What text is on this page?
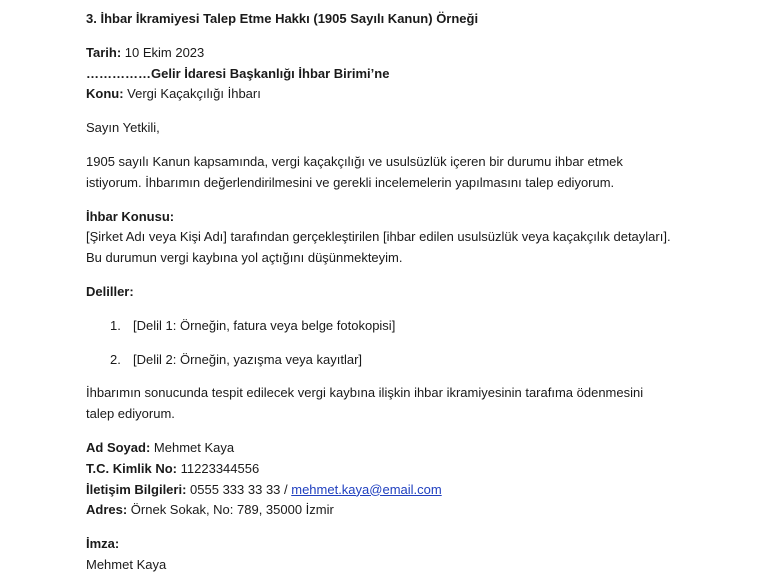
3. İhbar İkramiyesi Talep Etme Hakkı (1905 Sayılı Kanun) Örneği
Tarih: 10 Ekim 2023
……………Gelir İdaresi Başkanlığı İhbar Birimi’ne
Konu: Vergi Kaçakçılığı İhbarı
Sayın Yetkili,
1905 sayılı Kanun kapsamında, vergi kaçakçılığı ve usulsüzlük içeren bir durumu ihbar etmek
istiyorum. İhbarımın değerlendirilmesini ve gerekli incelemelerin yapılmasını talep ediyorum.
İhbar Konusu:
[Şirket Adı veya Kişi Adı] tarafından gerçekleştirilen [ihbar edilen usulsüzlük veya kaçakçılık detayları].
Bu durumun vergi kaybına yol açtığını düşünmekteyim.
Deliller:
1. [Delil 1: Örneğin, fatura veya belge fotokopisi]
2. [Delil 2: Örneğin, yazışma veya kayıtlar]
İhbarımın sonucunda tespit edilecek vergi kaybına ilişkin ihbar ikramiyesinin tarafıma ödenmesini
talep ediyorum.
Ad Soyad: Mehmet Kaya
T.C. Kimlik No: 11223344556
İletişim Bilgileri: 0555 333 33 33 / mehmet.kaya@email.com
Adres: Örnek Sokak, No: 789, 35000 İzmir
İmza:
Mehmet Kaya
